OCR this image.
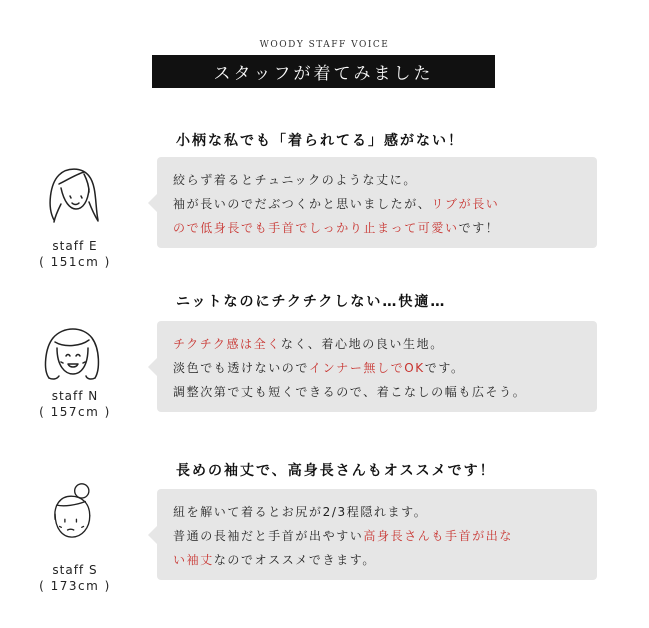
WOODY STAFF VOICE
スタッフが着てみました
小柄な私でも「着られてる」感がない！
staff E
( 151cm )
絞らず着るとチュニックのような丈に。
袖が長いのでだぶつくかと思いましたが、リブが長い
ので低身長でも手首でしっかり止まって可愛いです！
ニットなのにチクチクしない…快適…
staff N
( 157cm )
チクチク感は全くなく、着心地の良い生地。
淡色でも透けないのでインナー無しでOKです。
調整次第で丈も短くできるので、着こなしの幅も広そう。
長めの袖丈で、高身長さんもオススメです！
staff S
( 173cm )
紐を解いて着るとお尻が2/3程隠れます。
普通の長袖だと手首が出やすい高身長さんも手首が出な
い袖丈なのでオススメできます。
